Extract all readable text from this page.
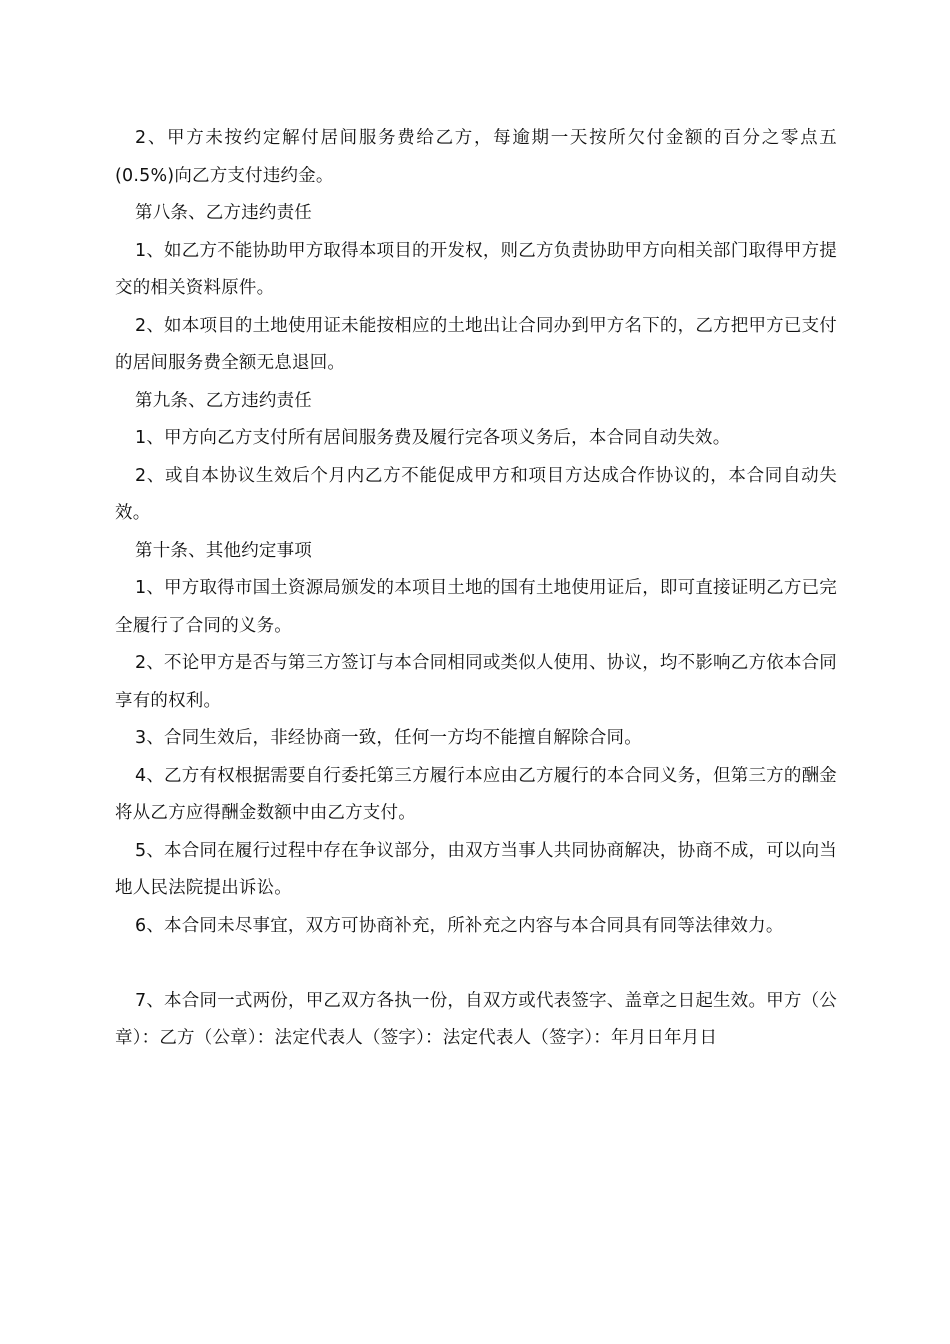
2、甲方未按约定解付居间服务费给乙方，每逾期一天按所欠付金额的百分之零点五(0.5%)向乙方支付违约金。

第八条、乙方违约责任

1、如乙方不能协助甲方取得本项目的开发权，则乙方负责协助甲方向相关部门取得甲方提交的相关资料原件。

2、如本项目的土地使用证未能按相应的土地出让合同办到甲方名下的，乙方把甲方已支付的居间服务费全额无息退回。

第九条、乙方违约责任

1、甲方向乙方支付所有居间服务费及履行完各项义务后，本合同自动失效。

2、或自本协议生效后个月内乙方不能促成甲方和项目方达成合作协议的，本合同自动失效。

第十条、其他约定事项

1、甲方取得市国土资源局颁发的本项目土地的国有土地使用证后，即可直接证明乙方已完全履行了合同的义务。

2、不论甲方是否与第三方签订与本合同相同或类似人使用、协议，均不影响乙方依本合同享有的权利。

3、合同生效后，非经协商一致，任何一方均不能擅自解除合同。

4、乙方有权根据需要自行委托第三方履行本应由乙方履行的本合同义务，但第三方的酬金将从乙方应得酬金数额中由乙方支付。

5、本合同在履行过程中存在争议部分，由双方当事人共同协商解决，协商不成，可以向当地人民法院提出诉讼。

6、本合同未尽事宜，双方可协商补充，所补充之内容与本合同具有同等法律效力。

7、本合同一式两份，甲乙双方各执一份，自双方或代表签字、盖章之日起生效。甲方（公章）：乙方（公章）：法定代表人（签字）：法定代表人（签字）：年月日年月日
